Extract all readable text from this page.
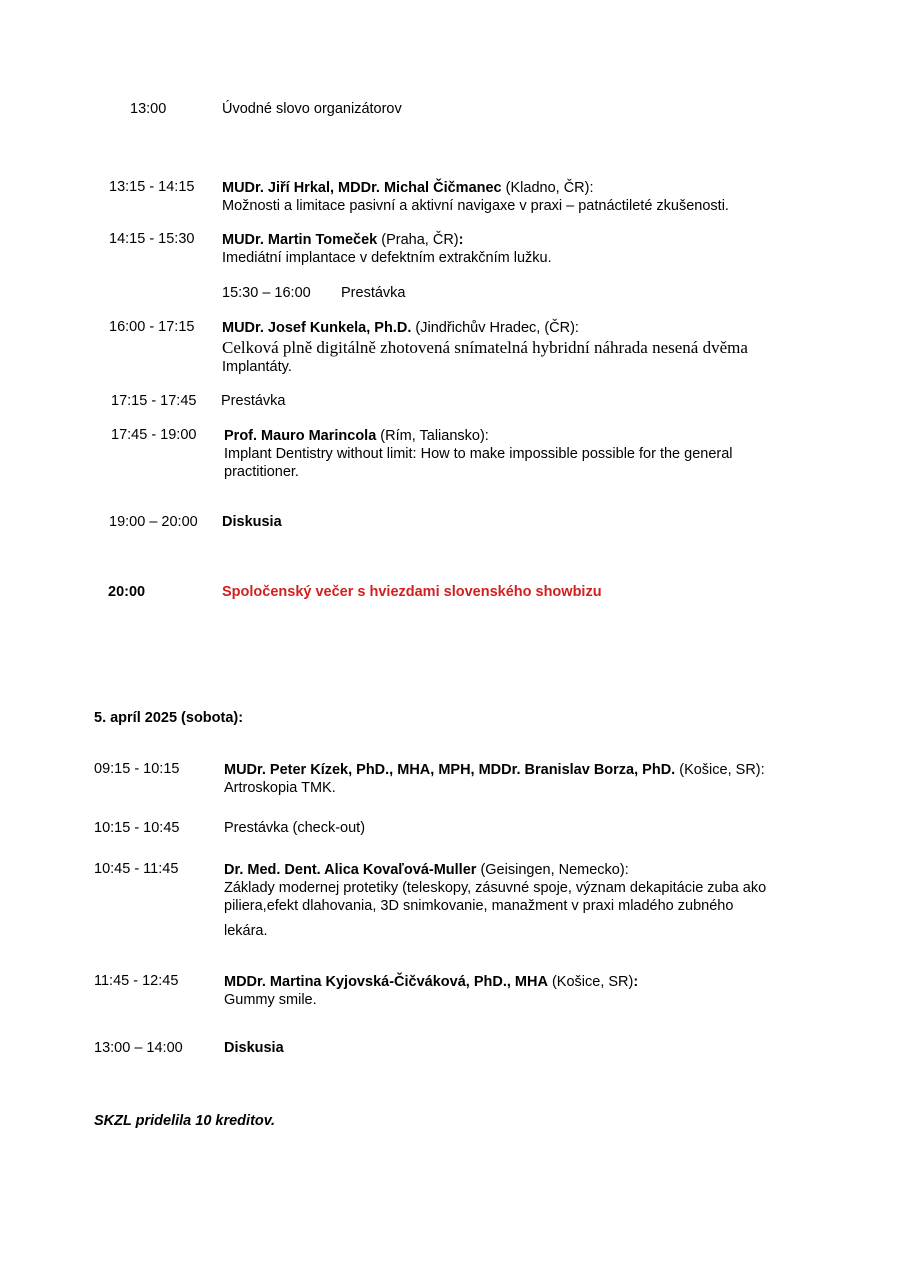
13:00	Úvodné slovo organizátorov
13:15 - 14:15 MUDr. Jiří Hrkal, MDDr. Michal Čičmanec (Kladno, ČR):
Možnosti a limitace pasivní a aktivní navigaxe v praxi – patnáctileté zkušenosti.
14:15 - 15:30 MUDr. Martin Tomeček (Praha, ČR):
Imediátní implantace v defektním extrakčním lužku.
15:30 – 16:00 Prestávka
16:00 - 17:15 MUDr. Josef Kunkela, Ph.D. (Jindřichův Hradec, (ČR):
Celková plně digitálně zhotovená snímatelná hybridní náhrada nesená dvěma
Implantáty.
17:15 - 17:45 Prestávka
17:45 - 19:00 Prof. Mauro Marincola (Rím, Taliansko):
Implant Dentistry without limit: How to make impossible possible for the general
practitioner.
19:00 – 20:00 Diskusia
20:00	Spoločenský večer s hviezdami slovenského showbizu
5. apríl 2025 (sobota):
09:15 - 10:15	MUDr. Peter Kízek, PhD., MHA, MPH, MDDr. Branislav Borza, PhD. (Košice, SR):
Artroskopia TMK.
10:15 - 10:45	Prestávka (check-out)
10:45 - 11:45	Dr. Med. Dent. Alica Kovaľová-Muller (Geisingen, Nemecko):
Základy modernej protetiky (teleskopy, zásuvné spoje, význam dekapitácie zuba ako
piliera,efekt dlahovania, 3D snimkovanie, manažment v praxi mladého zubného
lekára.
11:45 - 12:45	MDDr. Martina Kyjovská-Čičváková, PhD., MHA (Košice, SR):
Gummy smile.
13:00 – 14:00	Diskusia
SKZL pridelila 10 kreditov.
